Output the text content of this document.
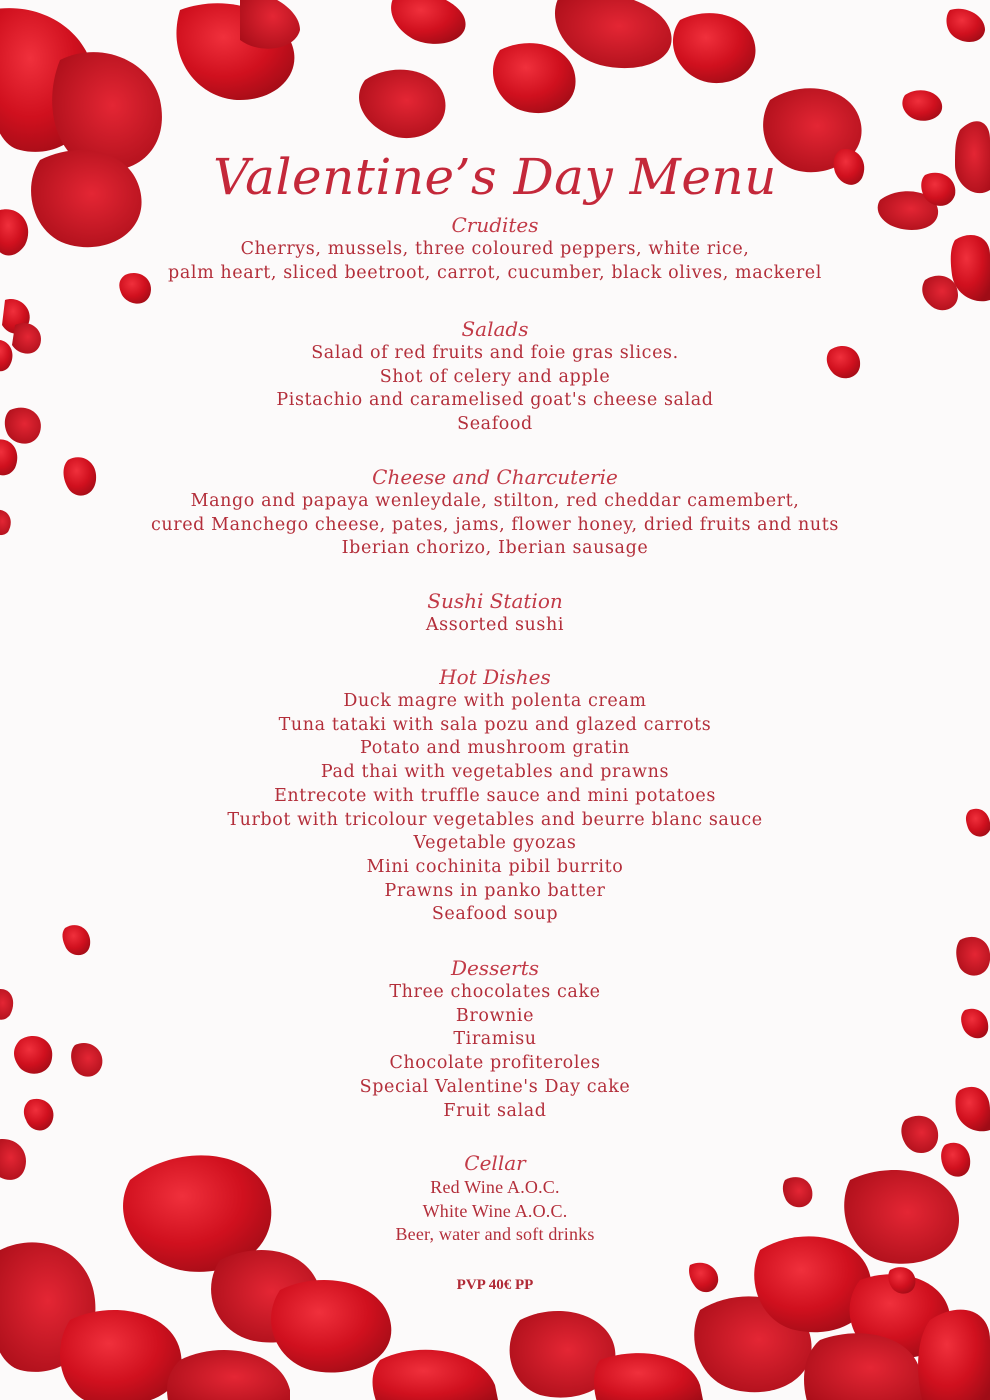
Valentine’s Day Menu
Crudites
Cherrys, mussels, three coloured peppers, white rice,
palm heart, sliced beetroot, carrot, cucumber, black olives, mackerel
Salads
Salad of red fruits and foie gras slices.
Shot of celery and apple
Pistachio and caramelised goat's cheese salad
Seafood
Cheese and Charcuterie
Mango and papaya wenleydale, stilton, red cheddar camembert,
cured Manchego cheese, pates, jams, flower honey, dried fruits and nuts
Iberian chorizo, Iberian sausage
Sushi Station
Assorted sushi
Hot Dishes
Duck magre with polenta cream
Tuna tataki with sala pozu and glazed carrots
Potato and mushroom gratin
Pad thai with vegetables and prawns
Entrecote with truffle sauce and mini potatoes
Turbot with tricolour vegetables and beurre blanc sauce
Vegetable gyozas
Mini cochinita pibil burrito
Prawns in panko batter
Seafood soup
Desserts
Three chocolates cake
Brownie
Tiramisu
Chocolate profiteroles
Special Valentine's Day cake
Fruit salad
Cellar
Red Wine A.O.C.
White Wine A.O.C.
Beer, water and soft drinks
PVP 40€ PP
